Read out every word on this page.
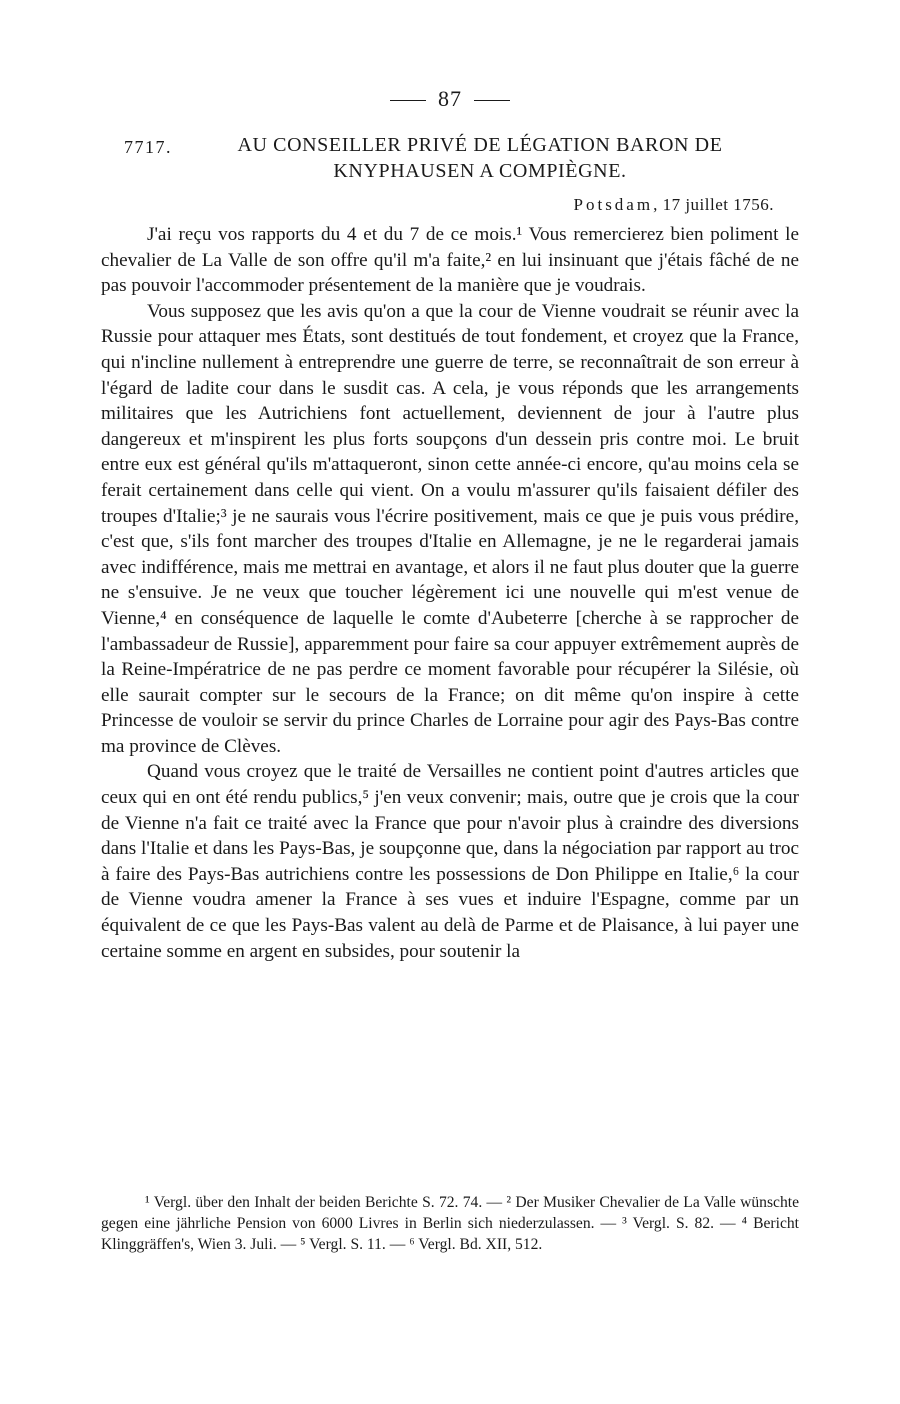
87
7717.	AU CONSEILLER PRIVÉ DE LÉGATION BARON DE KNYPHAUSEN A COMPIÈGNE.
Potsdam, 17 juillet 1756.

J'ai reçu vos rapports du 4 et du 7 de ce mois.¹ Vous remercierez bien poliment le chevalier de La Valle de son offre qu'il m'a faite,² en lui insinuant que j'étais fâché de ne pas pouvoir l'accommoder présentement de la manière que je voudrais.

Vous supposez que les avis qu'on a que la cour de Vienne voudrait se réunir avec la Russie pour attaquer mes États, sont destitués de tout fondement, et croyez que la France, qui n'incline nullement à entreprendre une guerre de terre, se reconnaîtrait de son erreur à l'égard de ladite cour dans le susdit cas. A cela, je vous réponds que les arrangements militaires que les Autrichiens font actuellement, deviennent de jour à l'autre plus dangereux et m'inspirent les plus forts soupçons d'un dessein pris contre moi. Le bruit entre eux est général qu'ils m'attaqueront, sinon cette année-ci encore, qu'au moins cela se ferait certainement dans celle qui vient. On a voulu m'assurer qu'ils faisaient défiler des troupes d'Italie;³ je ne saurais vous l'écrire positivement, mais ce que je puis vous prédire, c'est que, s'ils font marcher des troupes d'Italie en Allemagne, je ne le regarderai jamais avec indifférence, mais me mettrai en avantage, et alors il ne faut plus douter que la guerre ne s'ensuive. Je ne veux que toucher légèrement ici une nouvelle qui m'est venue de Vienne,⁴ en conséquence de laquelle le comte d'Aubeterre [cherche à se rapprocher de l'ambassadeur de Russie], apparemment pour faire sa cour appuyer extrêmement auprès de la Reine-Impératrice de ne pas perdre ce moment favorable pour récupérer la Silésie, où elle saurait compter sur le secours de la France; on dit même qu'on inspire à cette Princesse de vouloir se servir du prince Charles de Lorraine pour agir des Pays-Bas contre ma province de Clèves.

Quand vous croyez que le traité de Versailles ne contient point d'autres articles que ceux qui en ont été rendu publics,⁵ j'en veux convenir; mais, outre que je crois que la cour de Vienne n'a fait ce traité avec la France que pour n'avoir plus à craindre des diversions dans l'Italie et dans les Pays-Bas, je soupçonne que, dans la négociation par rapport au troc à faire des Pays-Bas autrichiens contre les possessions de Don Philippe en Italie,⁶ la cour de Vienne voudra amener la France à ses vues et induire l'Espagne, comme par un équivalent de ce que les Pays-Bas valent au delà de Parme et de Plaisance, à lui payer une certaine somme en argent en subsides, pour soutenir la

¹ Vergl. über den Inhalt der beiden Berichte S. 72. 74. — ² Der Musiker Chevalier de La Valle wünschte gegen eine jährliche Pension von 6000 Livres in Berlin sich niederzulassen. — ³ Vergl. S. 82. — ⁴ Bericht Klinggräffen's, Wien 3. Juli. — ⁵ Vergl. S. 11. — ⁶ Vergl. Bd. XII, 512.
